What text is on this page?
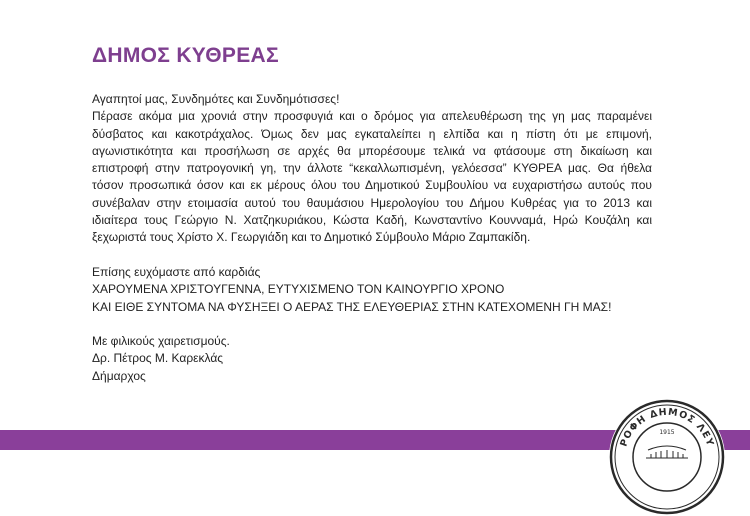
ΔΗΜΟΣ ΚΥΘΡΕΑΣ
Αγαπητοί μας, Συνδημότες και Συνδημότισσες!
Πέρασε ακόμα μια χρονιά στην προσφυγιά και ο δρόμος για απελευθέρωση της γη μας παραμένει
δύσβατος και κακοτράχαλος. Όμως δεν μας εγκαταλείπει η ελπίδα και η πίστη ότι με επιμονή,
αγωνιστικότητα και προσήλωση σε αρχές θα μπορέσουμε τελικά να φτάσουμε στη δικαίωση και
επιστροφή στην πατρογονική γη, την άλλοτε “κεκαλλωπισμένη, γελόεσσα” ΚΥΘΡΕΑ μας. Θα ήθελα
τόσον προσωπικά όσον και εκ μέρους όλου του Δημοτικού Συμβουλίου να ευχαριστήσω αυτούς που
συνέβαλαν στην ετοιμασία αυτού του θαυμάσιου Ημερολογίου του Δήμου Κυθρέας για το 2013 και
ιδιαίτερα τους Γεώργιο Ν. Χατζηκυριάκου, Κώστα Καδή, Κωνσταντίνο Κουνναμά, Ηρώ Κουζάλη και
ξεχωριστά τους Χρίστο Χ. Γεωργιάδη και το Δημοτικό Σύμβουλο Μάριο Ζαμπακίδη.
Επίσης ευχόμαστε από καρδιάς
ΧΑΡΟΥΜΕΝΑ ΧΡΙΣΤΟΥΓΕΝΝΑ, ΕΥΤΥΧΙΣΜΕΝΟ ΤΟΝ ΚΑΙΝΟΥΡΓΙΟ ΧΡΟΝΟ
ΚΑΙ ΕΙΘΕ ΣΥΝΤΟΜΑ ΝΑ ΦΥΣΗΞΕΙ Ο ΑΕΡΑΣ ΤΗΣ ΕΛΕΥΘΕΡΙΑΣ ΣΤΗΝ ΚΑΤΕΧΟΜΕΝΗ ΓΗ ΜΑΣ!
Με φιλικούς χαιρετισμούς.
Δρ. Πέτρος Μ. Καρεκλάς
Δήμαρχος
ΡΟΦΗ ΔΗΜΟΣ ΛΕΥ
1915
